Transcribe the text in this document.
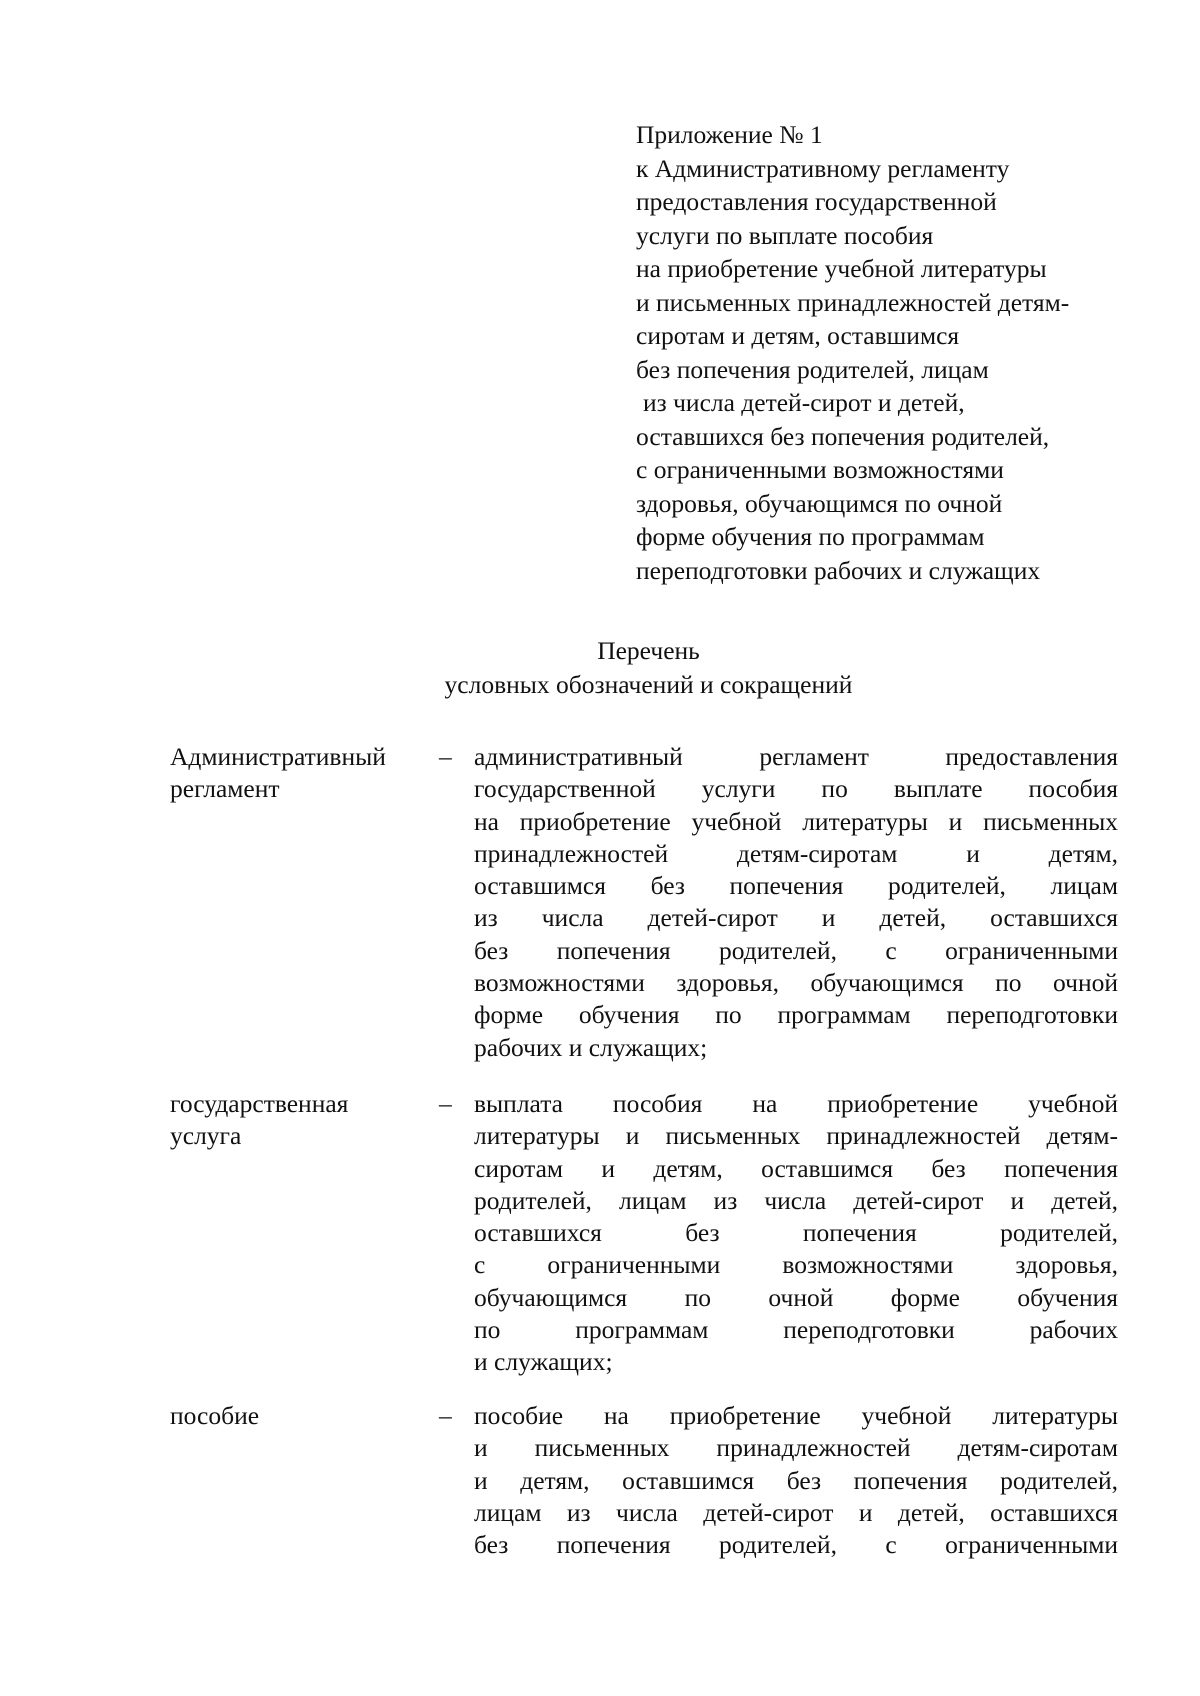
Приложение № 1
к Административному регламенту
предоставления государственной
услуги по выплате пособия
на приобретение учебной литературы
и письменных принадлежностей детям-
сиротам и детям, оставшимся
без попечения родителей, лицам
из числа детей-сирот и детей,
оставшихся без попечения родителей,
с ограниченными возможностями
здоровья, обучающимся по очной
форме обучения по программам
переподготовки рабочих и служащих
Перечень
условных обозначений и сокращений
Административный
регламент
– административный регламент предоставления
государственной услуги по выплате пособия
на приобретение учебной литературы и письменных
принадлежностей детям-сиротам и детям,
оставшимся без попечения родителей, лицам
из числа детей-сирот и детей, оставшихся
без попечения родителей, с ограниченными
возможностями здоровья, обучающимся по очной
форме обучения по программам переподготовки
рабочих и служащих;
государственная
услуга
– выплата пособия на приобретение учебной
литературы и письменных принадлежностей детям-
сиротам и детям, оставшимся без попечения
родителей, лицам из числа детей-сирот и детей,
оставшихся без попечения родителей,
с ограниченными возможностями здоровья,
обучающимся по очной форме обучения
по программам переподготовки рабочих
и служащих;
пособие	– пособие на приобретение учебной литературы
и письменных принадлежностей детям-сиротам
и детям, оставшимся без попечения родителей,
лицам из числа детей-сирот и детей, оставшихся
без попечения родителей, с ограниченными
